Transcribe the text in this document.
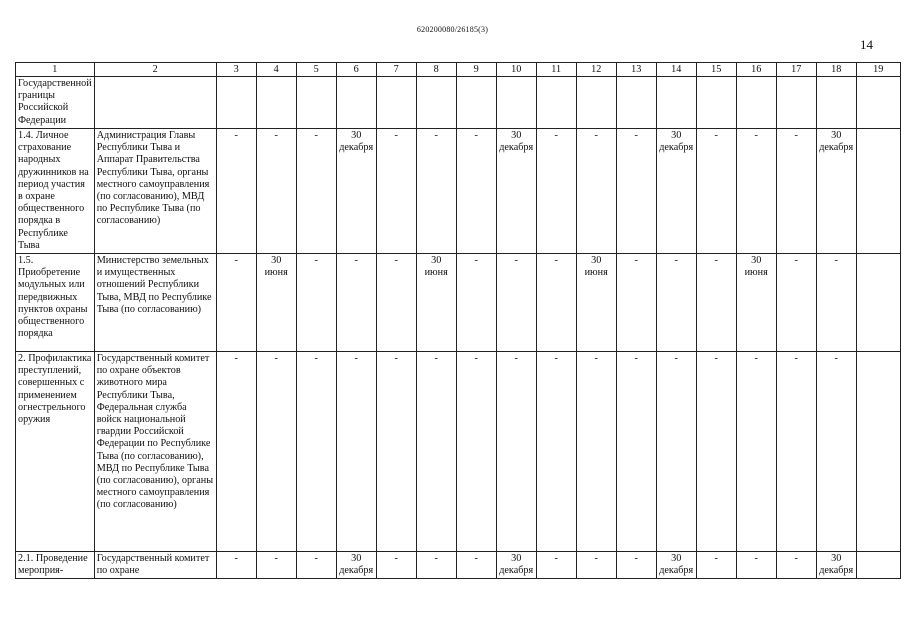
620200080/26185(3)
14
1	2	3	4	5	6	7	8	9	10	11	12	13	14	15	16	17	18	19
Государственной границы Российской Федерации																		
1.4. Личное страхование народных дружинников на период участия в охране общественного порядка в Республике Тыва	Администрация Главы Республики Тыва и Аппарат Правительства Республики Тыва, органы местного самоуправления (по согласованию), МВД по Республике Тыва (по согласованию)	-	-	-	30 декабря	-	-	-	30 декабря	-	-	-	30 декабря	-	-	-	30 декабря	
1.5. Приобретение модульных или передвижных пунктов охраны общественного порядка	Министерство земельных и имущественных отношений Республики Тыва, МВД по Республике Тыва (по согласованию)	-	30 июня	-	-	-	30 июня	-	-	-	30 июня	-	-	-	30 июня	-	-	
2. Профилактика преступлений, совершенных с применением огнестрельного оружия	Государственный комитет по охране объектов животного мира Республики Тыва, Федеральная служба войск национальной гвардии Российской Федерации по Республике Тыва (по согласованию), МВД по Республике Тыва (по согласованию), органы местного самоуправления (по согласованию)	-	-	-	-	-	-	-	-	-	-	-	-	-	-	-	-	
2.1. Проведение мероприя-	Государственный комитет по охране	-	-	-	30 декабря	-	-	-	30 декабря	-	-	-	30 декабря	-	-	-	30 декабря	
